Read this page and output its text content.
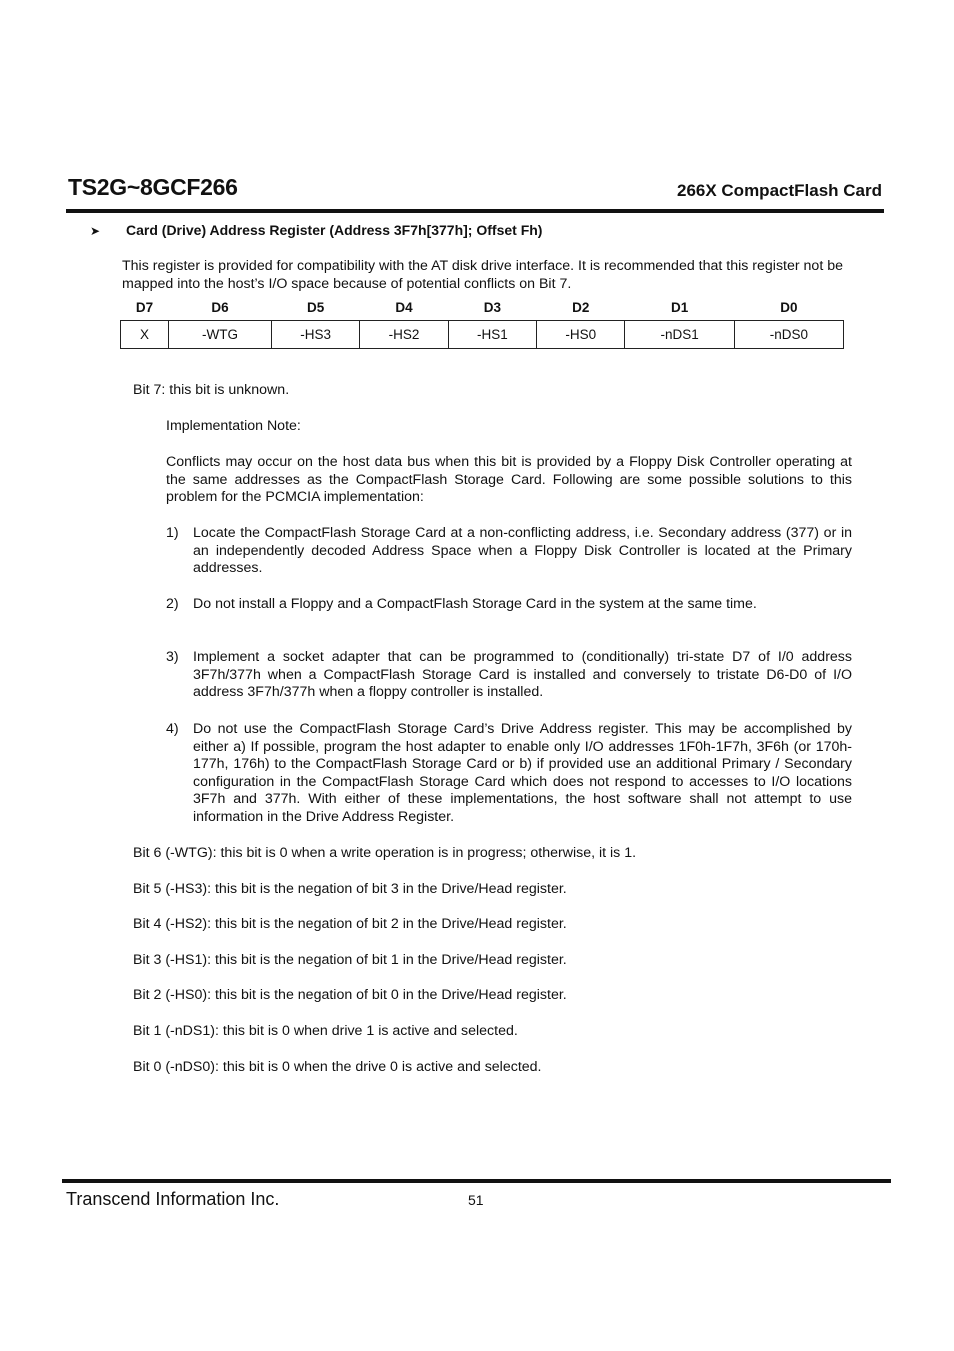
TS2G~8GCF266	266X CompactFlash Card
➤ Card (Drive) Address Register (Address 3F7h[377h]; Offset Fh)
This register is provided for compatibility with the AT disk drive interface. It is recommended that this register not be mapped into the host’s I/O space because of potential conflicts on Bit 7.
D7	D6	D5	D4	D3	D2	D1	D0
X	-WTG	-HS3	-HS2	-HS1	-HS0	-nDS1	-nDS0
Bit 7: this bit is unknown.
Implementation Note:
Conflicts may occur on the host data bus when this bit is provided by a Floppy Disk Controller operating at the same addresses as the CompactFlash Storage Card. Following are some possible solutions to this problem for the PCMCIA implementation:
1) Locate the CompactFlash Storage Card at a non-conflicting address, i.e. Secondary address (377) or in an independently decoded Address Space when a Floppy Disk Controller is located at the Primary addresses.
2) Do not install a Floppy and a CompactFlash Storage Card in the system at the same time.
3) Implement a socket adapter that can be programmed to (conditionally) tri-state D7 of I/0 address 3F7h/377h when a CompactFlash Storage Card is installed and conversely to tristate D6-D0 of I/O address 3F7h/377h when a floppy controller is installed.
4) Do not use the CompactFlash Storage Card’s Drive Address register. This may be accomplished by either a) If possible, program the host adapter to enable only I/O addresses 1F0h-1F7h, 3F6h (or 170h-177h, 176h) to the CompactFlash Storage Card or b) if provided use an additional Primary / Secondary configuration in the CompactFlash Storage Card which does not respond to accesses to I/O locations 3F7h and 377h. With either of these implementations, the host software shall not attempt to use information in the Drive Address Register.
Bit 6 (-WTG): this bit is 0 when a write operation is in progress; otherwise, it is 1.
Bit 5 (-HS3): this bit is the negation of bit 3 in the Drive/Head register.
Bit 4 (-HS2): this bit is the negation of bit 2 in the Drive/Head register.
Bit 3 (-HS1): this bit is the negation of bit 1 in the Drive/Head register.
Bit 2 (-HS0): this bit is the negation of bit 0 in the Drive/Head register.
Bit 1 (-nDS1): this bit is 0 when drive 1 is active and selected.
Bit 0 (-nDS0): this bit is 0 when the drive 0 is active and selected.
Transcend Information Inc.	51
